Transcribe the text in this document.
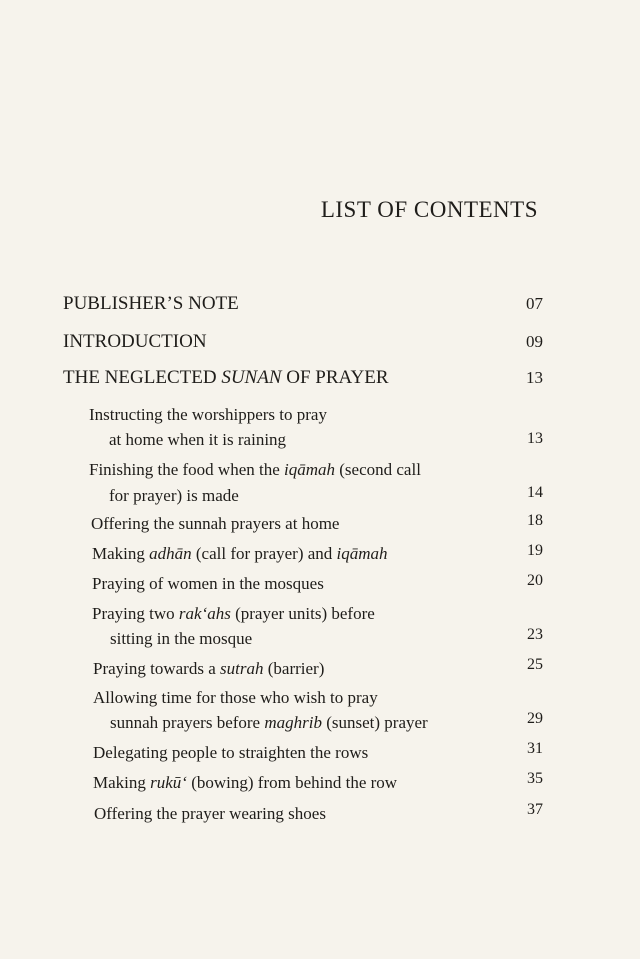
LIST OF CONTENTS
PUBLISHER’S NOTE	07
INTRODUCTION	09
THE NEGLECTED SUNAN OF PRAYER	13
Instructing the worshippers to pray
at home when it is raining	13
Finishing the food when the iqāmah (second call
for prayer) is made	14
Offering the sunnah prayers at home	18
Making adhān (call for prayer) and iqāmah	19
Praying of women in the mosques	20
Praying two rak‘ahs (prayer units) before
sitting in the mosque	23
Praying towards a sutrah (barrier)	25
Allowing time for those who wish to pray
sunnah prayers before maghrib (sunset) prayer	29
Delegating people to straighten the rows	31
Making rukū‘ (bowing) from behind the row	35
Offering the prayer wearing shoes	37
